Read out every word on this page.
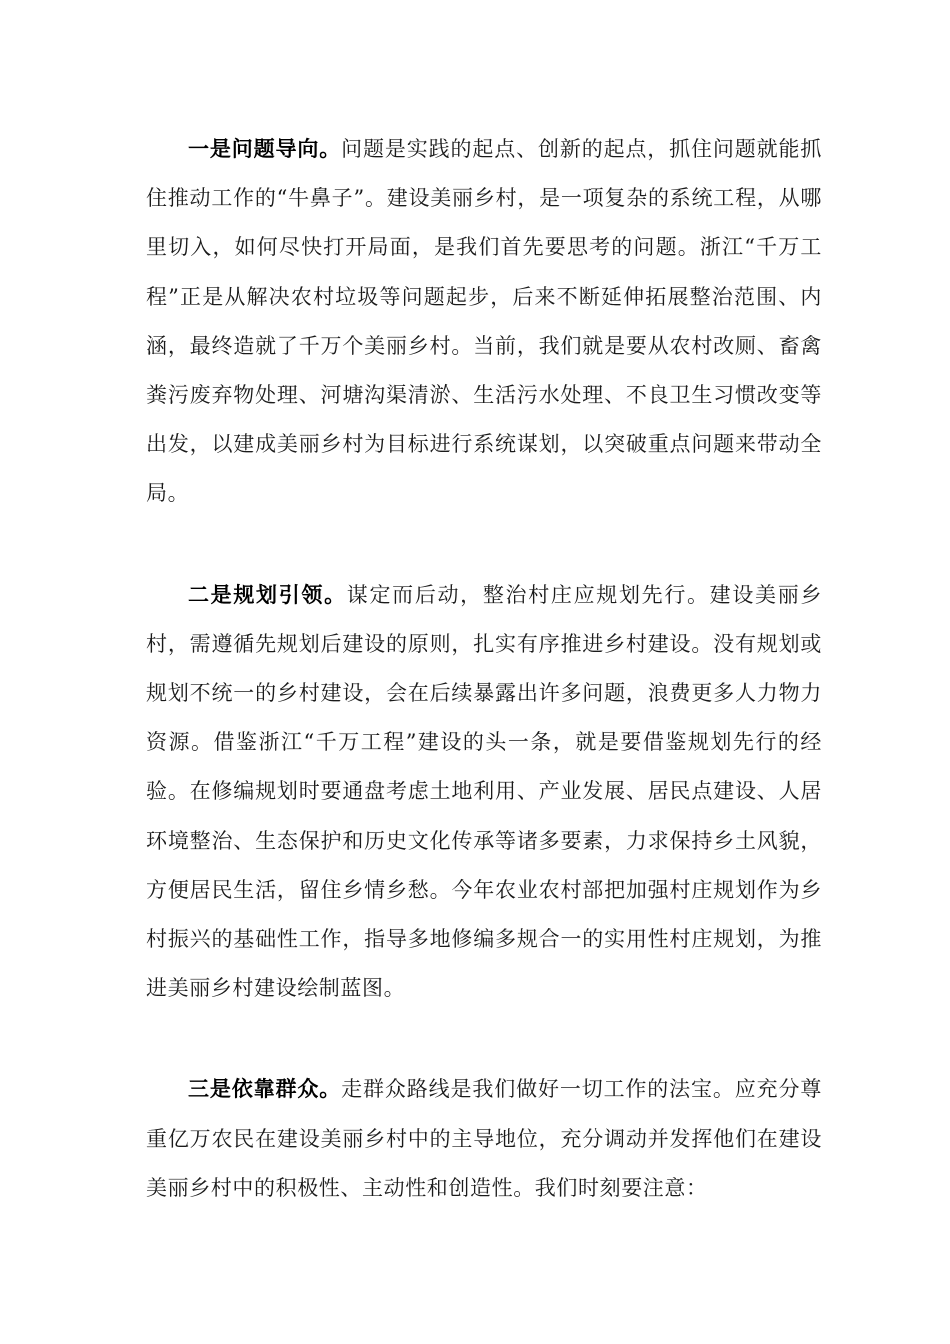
一是问题导向。问题是实践的起点、创新的起点，抓住问题就能抓住推动工作的“牛鼻子”。建设美丽乡村，是一项复杂的系统工程，从哪里切入，如何尽快打开局面，是我们首先要思考的问题。浙江“千万工程”正是从解决农村垃圾等问题起步，后来不断延伸拓展整治范围、内涵，最终造就了千万个美丽乡村。当前，我们就是要从农村改厕、畜禽粪污废弃物处理、河塘沟渠清淤、生活污水处理、不良卫生习惯改变等出发，以建成美丽乡村为目标进行系统谋划，以突破重点问题来带动全局。

二是规划引领。谋定而后动，整治村庄应规划先行。建设美丽乡村，需遵循先规划后建设的原则，扎实有序推进乡村建设。没有规划或规划不统一的乡村建设，会在后续暴露出许多问题，浪费更多人力物力资源。借鉴浙江“千万工程”建设的头一条，就是要借鉴规划先行的经验。在修编规划时要通盘考虑土地利用、产业发展、居民点建设、人居环境整治、生态保护和历史文化传承等诸多要素，力求保持乡土风貌，方便居民生活，留住乡情乡愁。今年农业农村部把加强村庄规划作为乡村振兴的基础性工作，指导多地修编多规合一的实用性村庄规划，为推进美丽乡村建设绘制蓝图。

三是依靠群众。走群众路线是我们做好一切工作的法宝。应充分尊重亿万农民在建设美丽乡村中的主导地位，充分调动并发挥他们在建设美丽乡村中的积极性、主动性和创造性。我们时刻要注意：
